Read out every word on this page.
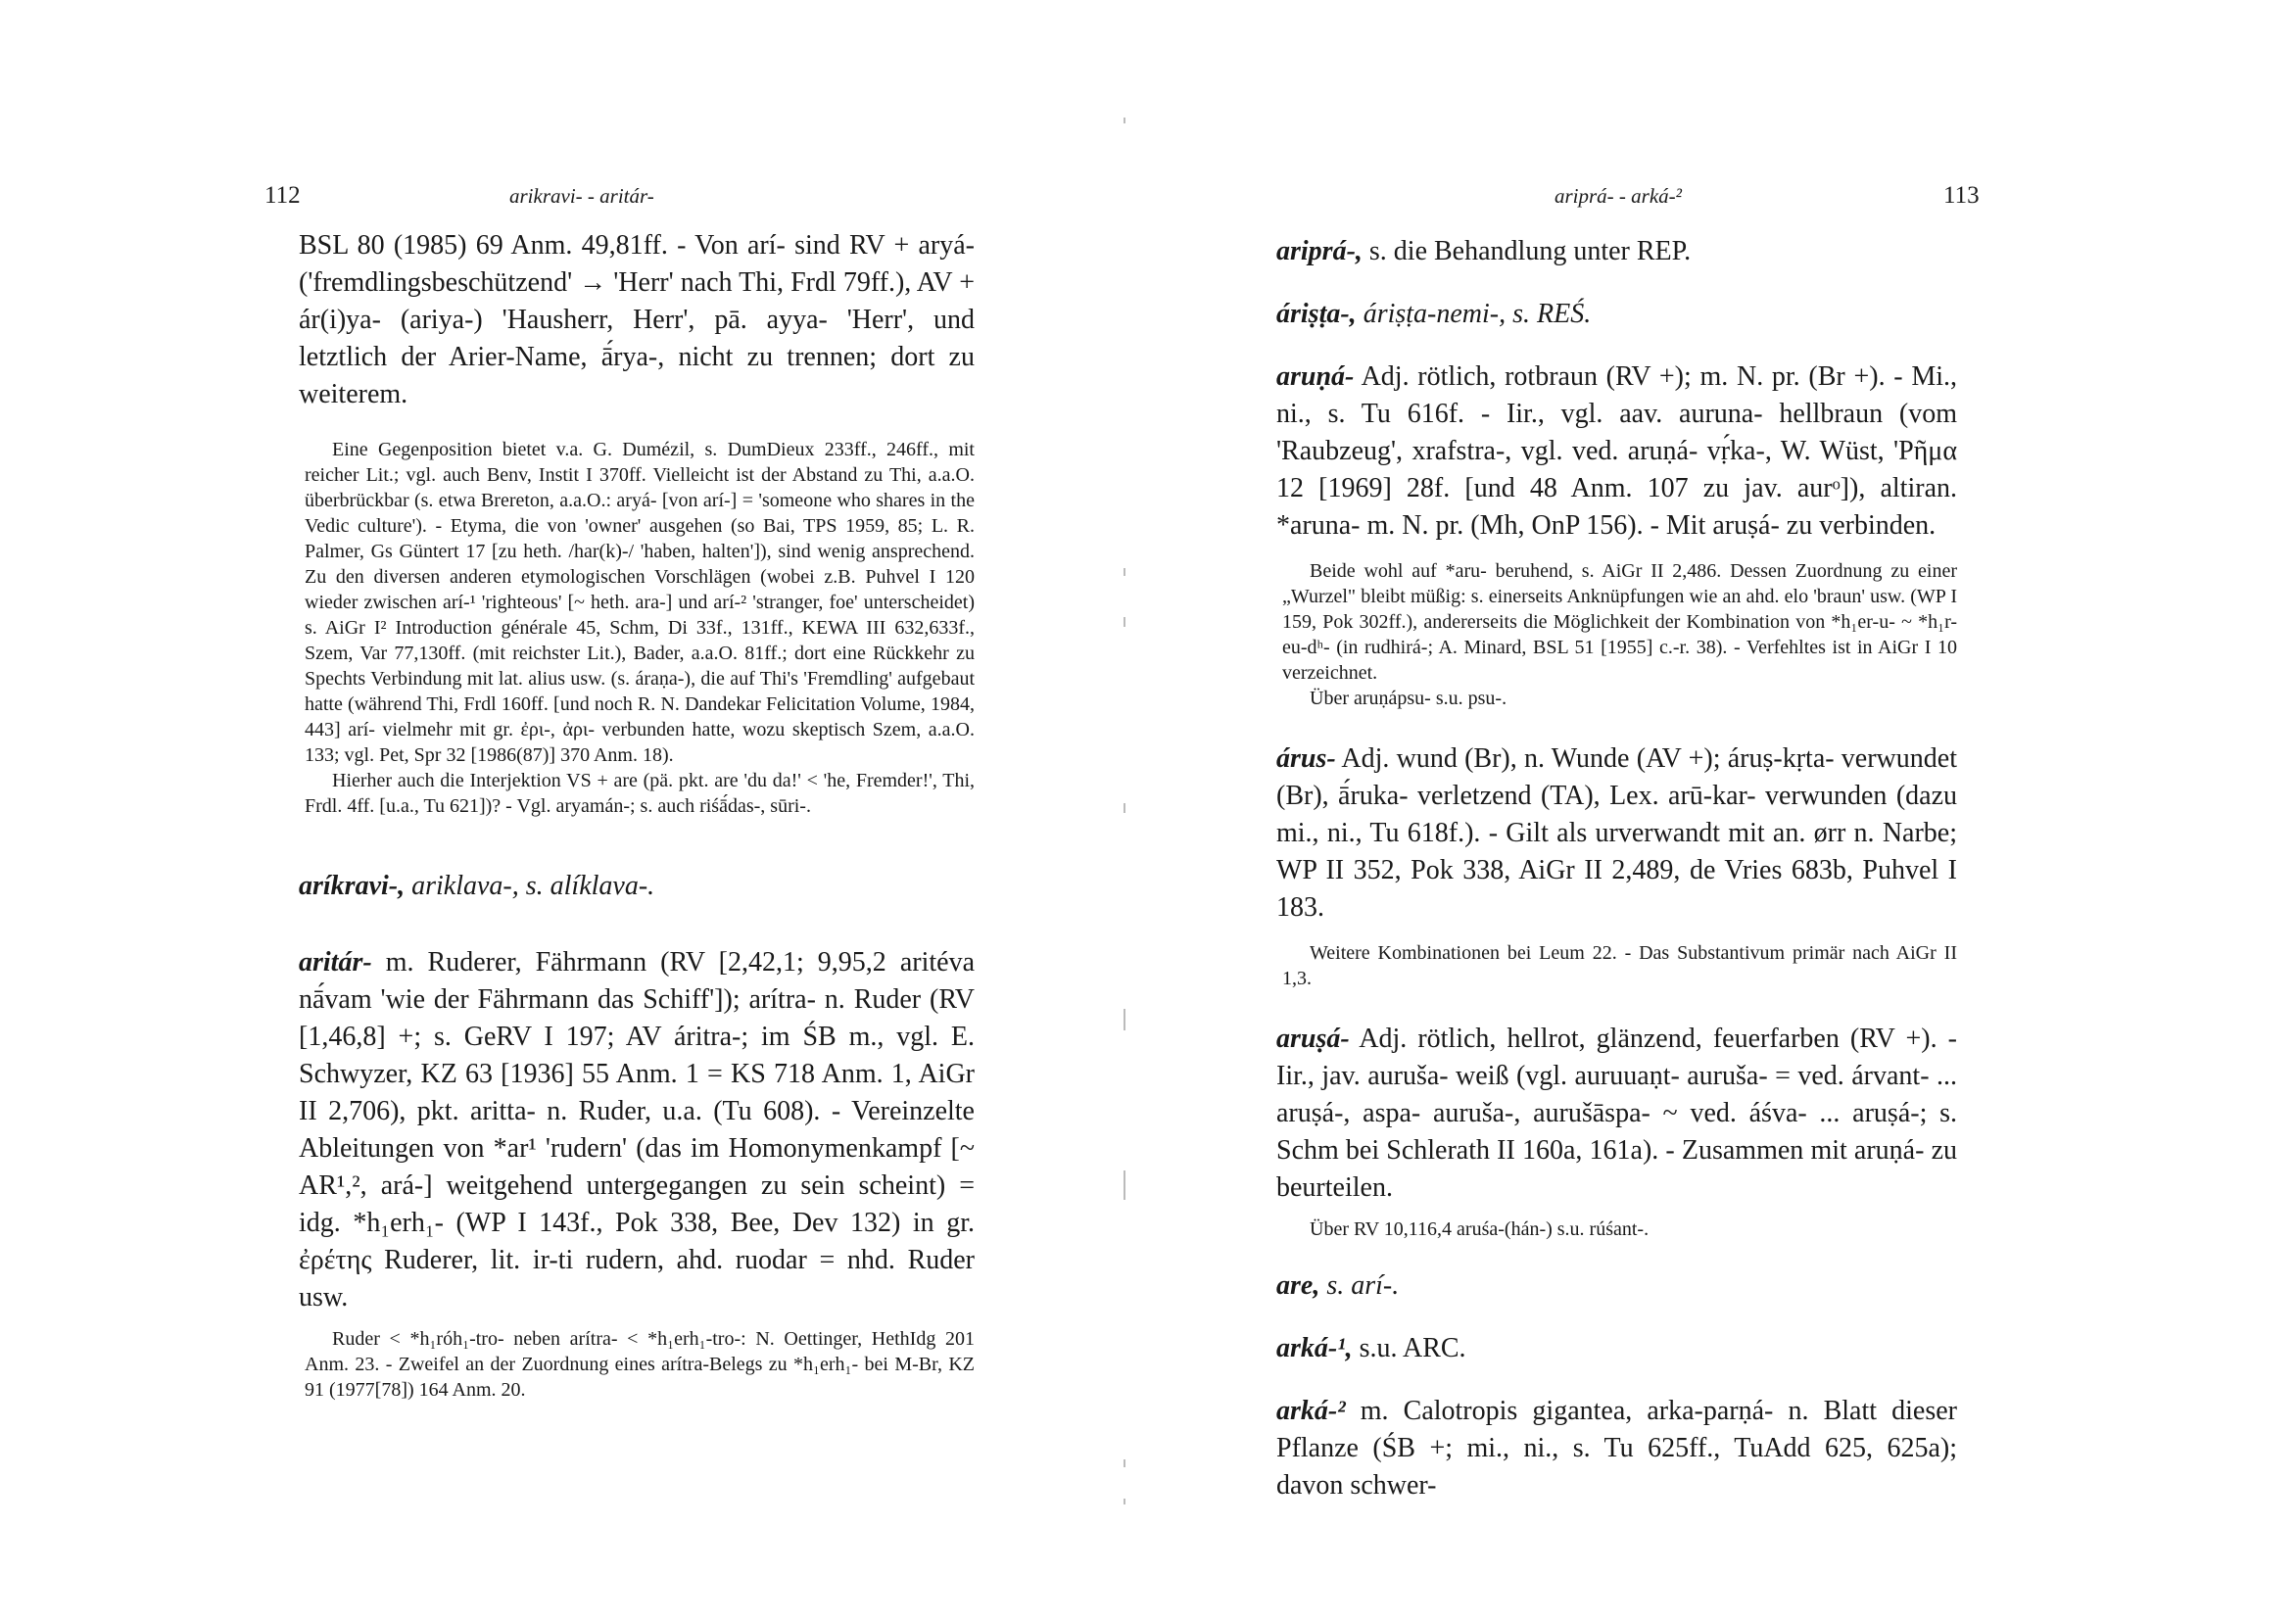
112	arikravi- - aritár-

BSL 80 (1985) 69 Anm. 49,81ff. - Von arí- sind RV + aryá- ('fremdlingsbeschützend' → 'Herr' nach Thi, Frdl 79ff.), AV + ár(i)ya- (ariya-) 'Hausherr, Herr', pā. ayya- 'Herr', und letztlich der Arier-Name, ā́rya-, nicht zu trennen; dort zu weiterem.

Eine Gegenposition bietet v.a. G. Dumézil, s. DumDieux 233ff., 246ff., mit reicher Lit.; vgl. auch Benv, Instit I 370ff. Vielleicht ist der Abstand zu Thi, a.a.O. überbrückbar (s. etwa Brereton, a.a.O.: aryá- [von arí-] = 'someone who shares in the Vedic culture'). - Etyma, die von 'owner' ausgehen (so Bai, TPS 1959, 85; L. R. Palmer, Gs Güntert 17 [zu heth. /har(k)-/ 'haben, halten']), sind wenig ansprechend. Zu den diversen anderen etymologischen Vorschlägen (wobei z.B. Puhvel I 120 wieder zwischen arí-¹ 'righteous' [~ heth. ara-] und arí-² 'stranger, foe' unterscheidet) s. AiGr I² Introduction générale 45, Schm, Di 33f., 131ff., KEWA III 632,633f., Szem, Var 77,130ff. (mit reichster Lit.), Bader, a.a.O. 81ff.; dort eine Rückkehr zu Spechts Verbindung mit lat. alius usw. (s. áraṇa-), die auf Thi's 'Fremdling' aufgebaut hatte (während Thi, Frdl 160ff. [und noch R. N. Dandekar Felicitation Volume, 1984, 443] arí- vielmehr mit gr. ἐρι-, ἀρι- verbunden hatte, wozu skeptisch Szem, a.a.O. 133; vgl. Pet, Spr 32 [1986(87)] 370 Anm. 18).
Hierher auch die Interjektion VS + are (pä. pkt. are 'du da!' < 'he, Fremder!', Thi, Frdl. 4ff. [u.a., Tu 621])? - Vgl. aryamán-; s. auch riśā́das-, sūri-.

aríkravi-, ariklava-, s. alíklava-.

aritár- m. Ruderer, Fährmann (RV [2,42,1; 9,95,2 aritéva nā́vam 'wie der Fährmann das Schiff']); arítra- n. Ruder (RV [1,46,8] +; s. GeRV I 197; AV áritra-; im ŚB m., vgl. E. Schwyzer, KZ 63 [1936] 55 Anm. 1 = KS 718 Anm. 1, AiGr II 2,706), pkt. aritta- n. Ruder, u.a. (Tu 608). - Vereinzelte Ableitungen von *ar¹ 'rudern' (das im Homonymenkampf [~ AR¹,², ará-] weitgehend untergegangen zu sein scheint) = idg. *h₁erh₁- (WP I 143f., Pok 338, Bee, Dev 132) in gr. ἐρέτης Ruderer, lit. ir-ti rudern, ahd. ruodar = nhd. Ruder usw.

Ruder < *h₁róh₁-tro- neben arítra- < *h₁erh₁-tro-: N. Oettinger, HethIdg 201 Anm. 23. - Zweifel an der Zuordnung eines arítra-Belegs zu *h₁erh₁- bei M-Br, KZ 91 (1977[78]) 164 Anm. 20.
ariprá- - arká-²	113

ariprá-, s. die Behandlung unter REP.

áriṣṭa-, áriṣṭa-nemi-, s. REŚ.

aruṇá- Adj. rötlich, rotbraun (RV +); m. N. pr. (Br +). - Mi., ni., s. Tu 616f. - Iir., vgl. aav. auruna- hellbraun (vom 'Raubzeug', xrafstra-, vgl. ved. aruṇá- vṛ́ka-, W. Wüst, 'Ρῆμα 12 [1969] 28f. [und 48 Anm. 107 zu jav. aurᵒ]), altiran. *aruna- m. N. pr. (Mh, OnP 156). - Mit aruṣá- zu verbinden.

Beide wohl auf *aru- beruhend, s. AiGr II 2,486. Dessen Zuordnung zu einer „Wurzel" bleibt müßig: s. einerseits Anknüpfungen wie an ahd. elo 'braun' usw. (WP I 159, Pok 302ff.), andererseits die Möglichkeit der Kombination von *h₁er-u- ~ *h₁r-eu-dʰ- (in rudhirá-; A. Minard, BSL 51 [1955] c.-r. 38). - Verfehltes ist in AiGr I 10 verzeichnet.
Über aruṇápsu- s.u. psu-.

árus- Adj. wund (Br), n. Wunde (AV +); áruṣ-kṛta- verwundet (Br), ā́ruka- verletzend (TA), Lex. arū-kar- verwunden (dazu mi., ni., Tu 618f.). - Gilt als urverwandt mit an. ørr n. Narbe; WP II 352, Pok 338, AiGr II 2,489, de Vries 683b, Puhvel I 183.

Weitere Kombinationen bei Leum 22. - Das Substantivum primär nach AiGr II 1,3.

aruṣá- Adj. rötlich, hellrot, glänzend, feuerfarben (RV +). - Iir., jav. auruša- weiß (vgl. auruuaṇt- auruša- = ved. árvant- ... aruṣá-, aspa- auruša-, aurušāspa- ~ ved. áśva- ... aruṣá-; s. Schm bei Schlerath II 160a, 161a). - Zusammen mit aruṇá- zu beurteilen.

Über RV 10,116,4 aruśa-(hán-) s.u. rúśant-.

are, s. arí-.

arká-¹, s.u. ARC.

arká-² m. Calotropis gigantea, arka-parṇá- n. Blatt dieser Pflanze (ŚB +; mi., ni., s. Tu 625ff., TuAdd 625, 625a); davon schwer-
